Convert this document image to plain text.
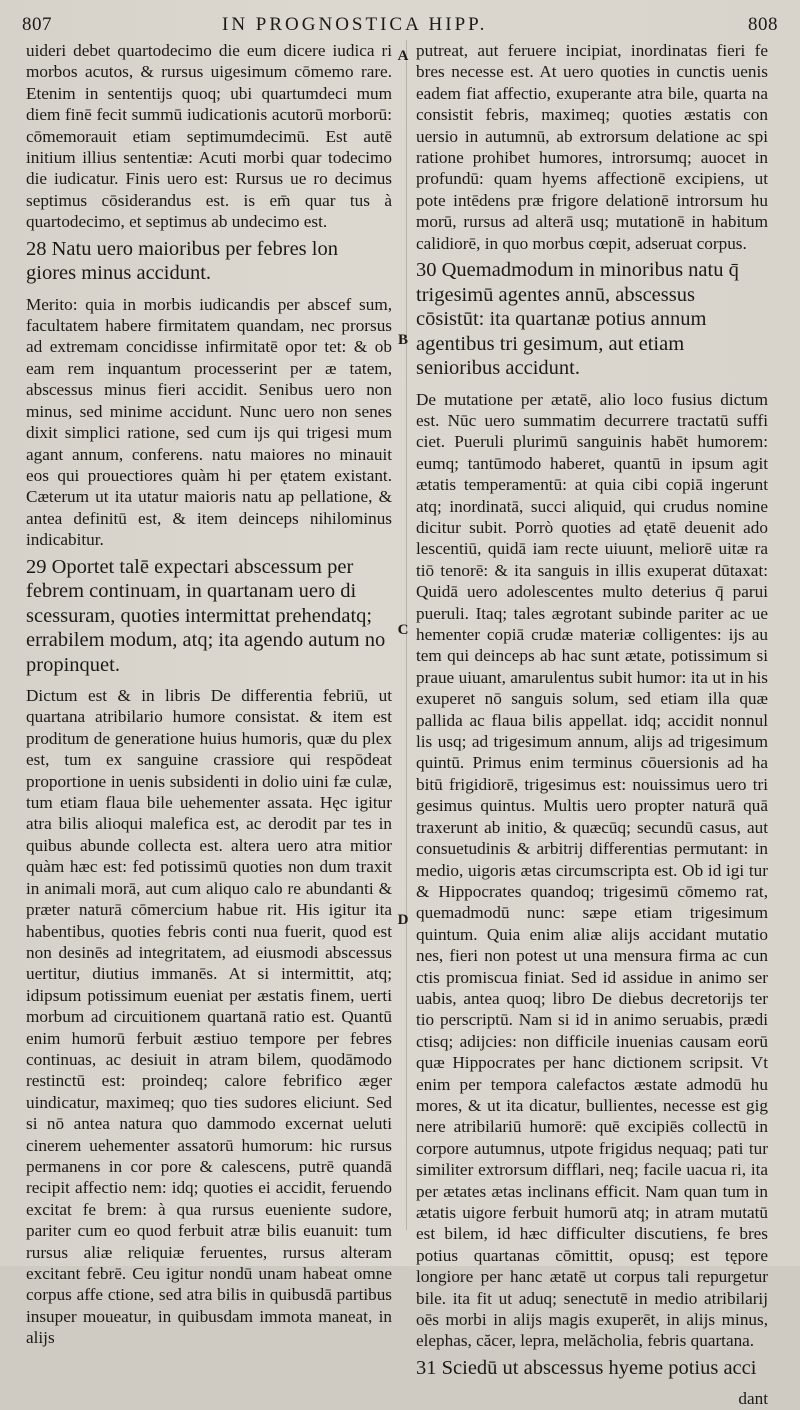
807	IN PROGNOSTICA HIPP.	808
A
B
C
D

uideri debet quartodecimo die eum dicere iudica ri morbos acutos, & rursus uigesimum cōmemo rare. Etenim in sententijs quoq; ubi quartumdeci mum diem finē fecit summū iudicationis acutorū morborū: cōmemorauit etiam septimumdecimū. Est autē initium illius sententiæ: Acuti morbi quar todecimo die iudicatur. Finis uero est: Rursus ue ro decimus septimus cōsiderandus est. is em̄ quar tus à quartodecimo, et septimus ab undecimo est.

28 Natu uero maioribus per febres lon giores minus accidunt.

Merito: quia in morbis iudicandis per abscef sum, facultatem habere firmitatem quandam, nec prorsus ad extremam concidisse infirmitatē opor tet: & ob eam rem inquantum processerint per æ tatem, abscessus minus fieri accidit. Senibus uero non minus, sed minime accidunt. Nunc uero non senes dixit simplici ratione, sed cum ijs qui trigesi mum agant annum, conferens. natu maiores no minauit eos qui prouectiores quàm hi per ętatem existant. Cæterum ut ita utatur maioris natu ap pellatione, & antea definitū est, & item deinceps nihilominus indicabitur.

29 Oportet talē expectari abscessum per febrem continuam, in quartanam uero di scessuram, quoties intermittat prehendatq; errabilem modum, atq; ita agendo autum no propinquet.

Dictum est & in libris De differentia febriū, ut quartana atribilario humore consistat. & item est proditum de generatione huius humoris, quæ du plex est, tum ex sanguine crassiore qui respōdeat proportione in uenis subsidenti in dolio uini fæ culæ, tum etiam flaua bile uehementer assata. Hęc igitur atra bilis alioqui malefica est, ac derodit par tes in quibus abunde collecta est. altera uero atra mitior quàm hæc est: fed potissimū quoties non dum traxit in animali morā, aut cum aliquo calo re abundanti & præter naturā cōmercium habue rit. His igitur ita habentibus, quoties febris conti nua fuerit, quod est non desinēs ad integritatem, ad eiusmodi abscessus uertitur, diutius immanēs. At si intermittit, atq; idipsum potissimum eueniat per æstatis finem, uerti morbum ad circuitionem quartanā ratio est. Quantū enim humorū ferbuit æstiuo tempore per febres continuas, ac desiuit in atram bilem, quodāmodo restinctū est: proindeq; calore febrifico æger uindicatur, maximeq; quo ties sudores eliciunt. Sed si nō antea natura quo dammodo excernat ueluti cinerem uehementer assatorū humorum: hic rursus permanens in cor pore & calescens, putrē quandā recipit affectio nem: idq; quoties ei accidit, feruendo excitat fe brem: à qua rursus eueniente sudore, pariter cum eo quod ferbuit atræ bilis euanuit: tum rursus aliæ reliquiæ feruentes, rursus alteram excitant febrē. Ceu igitur nondū unam habeat omne corpus affe ctione, sed atra bilis in quibusdā partibus insuper moueatur, in quibusdam immota maneat, in alijs

putreat, aut feruere incipiat, inordinatas fieri fe bres necesse est. At uero quoties in cunctis uenis eadem fiat affectio, exuperante atra bile, quarta na consistit febris, maximeq; quoties æstatis con uersio in autumnū, ab extrorsum delatione ac spi ratione prohibet humores, introrsumq; auocet in profundū: quam hyems affectionē excipiens, ut pote intēdens præ frigore delationē introrsum hu morū, rursus ad alterā usq; mutationē in habitum calidiorē, in quo morbus cœpit, adseruat corpus.

30 Quemadmodum in minoribus natu q̄ trigesimū agentes annū, abscessus cōsistūt: ita quartanæ potius annum agentibus tri gesimum, aut etiam senioribus accidunt.

De mutatione per ætatē, alio loco fusius dictum est. Nūc uero summatim decurrere tractatū suffi ciet. Pueruli plurimū sanguinis habēt humorem: eumq; tantūmodo haberet, quantū in ipsum agit ætatis temperamentū: at quia cibi copiā ingerunt atq; inordinatā, succi aliquid, qui crudus nomine dicitur subit. Porrò quoties ad ętatē deuenit ado lescentiū, quidā iam recte uiuunt, meliorē uitæ ra tiō tenorē: & ita sanguis in illis exuperat dūtaxat: Quidā uero adolescentes multo deterius q̄ parui pueruli. Itaq; tales ægrotant subinde pariter ac ue hementer copiā crudæ materiæ colligentes: ijs au tem qui deinceps ab hac sunt ætate, potissimum si praue uiuant, amarulentus subit humor: ita ut in his exuperet nō sanguis solum, sed etiam illa quæ pallida ac flaua bilis appellat. idq; accidit nonnul lis usq; ad trigesimum annum, alijs ad trigesimum quintū. Primus enim terminus cōuersionis ad ha bitū frigidiorē, trigesimus est: nouissimus uero tri gesimus quintus. Multis uero propter naturā quā traxerunt ab initio, & quæcūq; secundū casus, aut consuetudinis & arbitrij differentias permutant: in medio, uigoris ætas circumscripta est. Ob id igi tur & Hippocrates quandoq; trigesimū cōmemo rat, quemadmodū nunc: sæpe etiam trigesimum quintum. Quia enim aliæ alijs accidant mutatio nes, fieri non potest ut una mensura firma ac cun ctis promiscua finiat. Sed id assidue in animo ser uabis, antea quoq; libro De diebus decretorijs ter tio perscriptū. Nam si id in animo seruabis, prædi ctisq; adijcies: non difficile inuenias causam eorū quæ Hippocrates per hanc dictionem scripsit. Vt enim per tempora calefactos æstate admodū hu mores, & ut ita dicatur, bullientes, necesse est gig nere atribilariū humorē: quē excipiēs collectū in corpore autumnus, utpote frigidus nequaq; pati tur similiter extrorsum difflari, neq; facile uacua ri, ita per ætates ætas inclinans efficit. Nam quan tum in ætatis uigore ferbuit humorū atq; in atram mutatū est bilem, id hæc difficulter discutiens, fe bres potius quartanas cōmittit, opusq; est tępore longiore per hanc ætatē ut corpus tali repurgetur bile. ita fit ut aduq; senectutē in medio atribilarij oēs morbi in alijs magis exuperēt, in alijs minus, elephas, căcer, lepra, melăcholia, febris quartana.

31 Sciedū ut abscessus hyeme potius acci

dant
